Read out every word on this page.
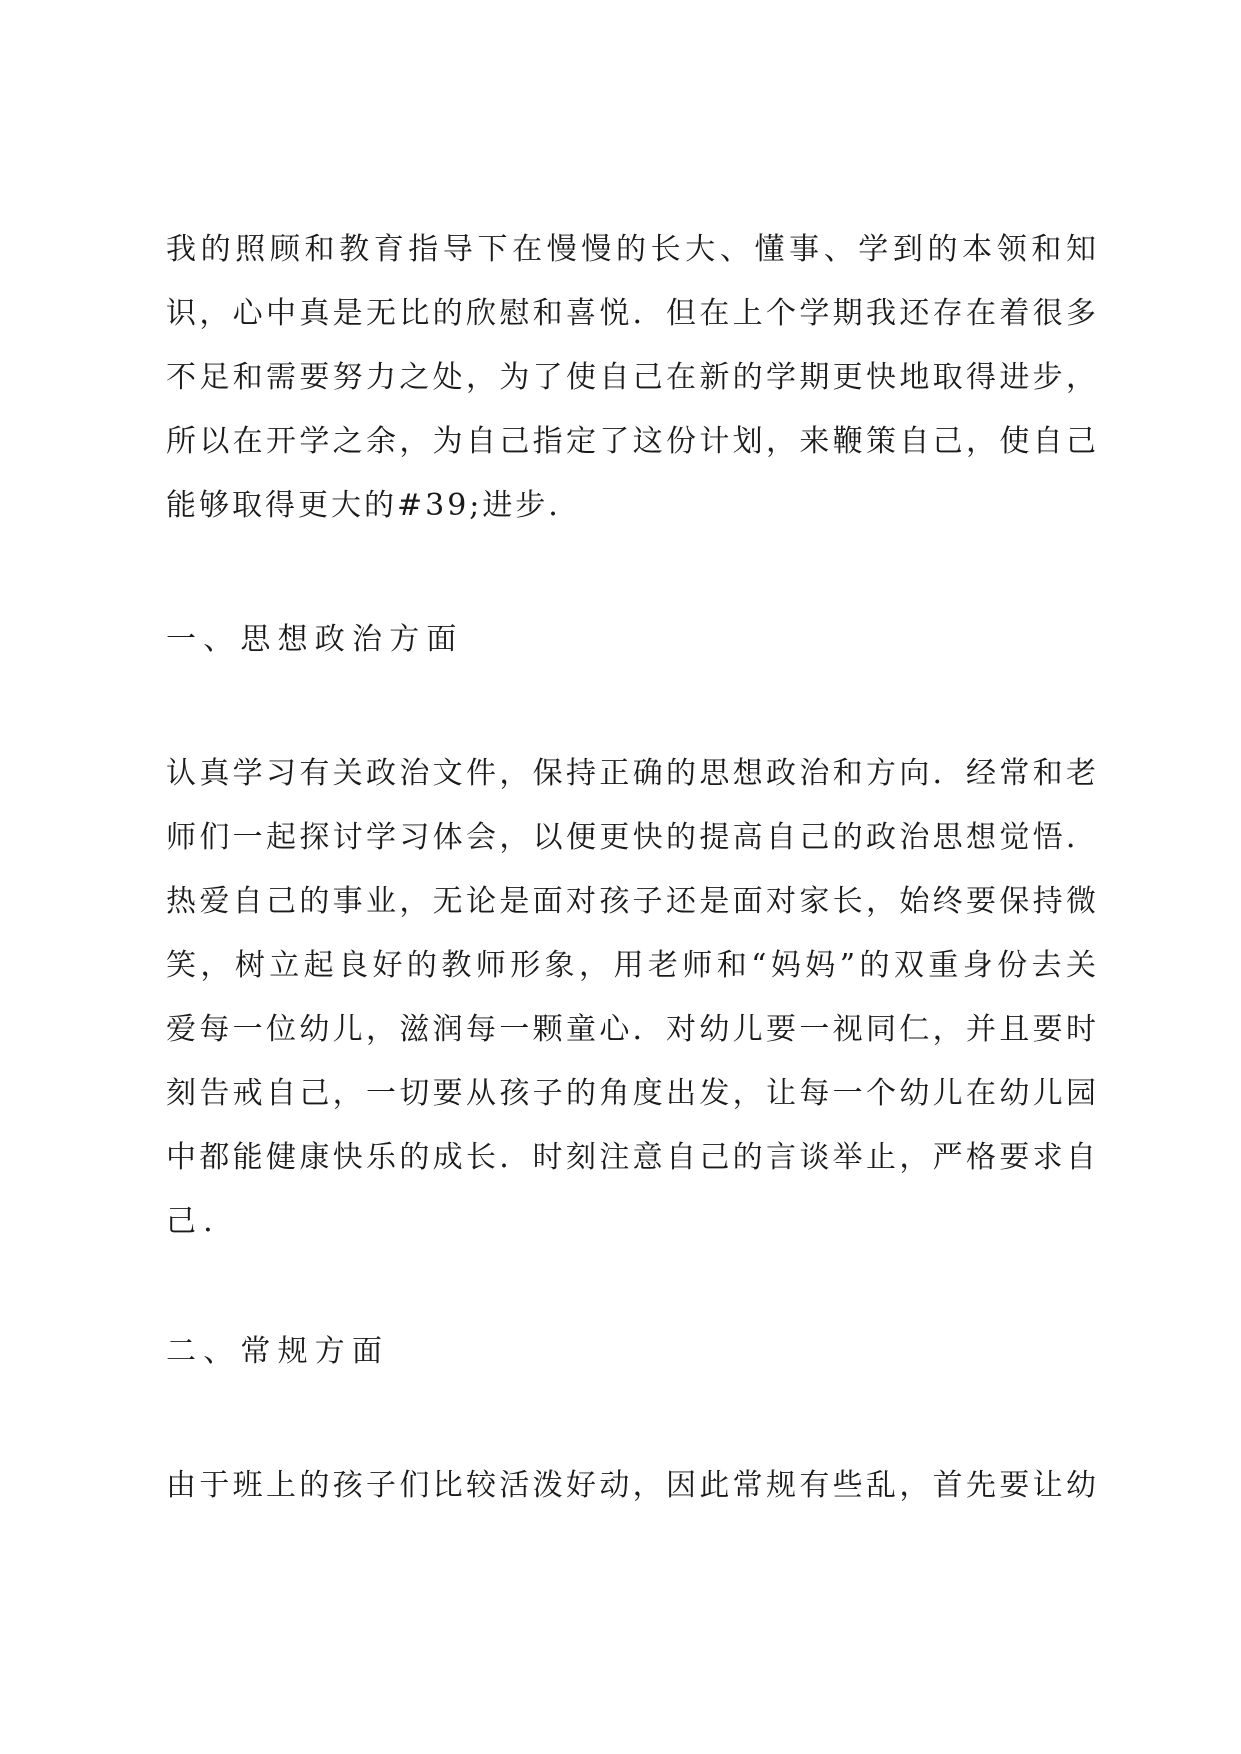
我的照顾和教育指导下在慢慢的长大、懂事、学到的本领和知

识，心中真是无比的欣慰和喜悦．但在上个学期我还存在着很多

不足和需要努力之处，为了使自己在新的学期更快地取得进步，

所以在开学之余，为自己指定了这份计划，来鞭策自己，使自己

能够取得更大的#39;进步．

一、思想政治方面

认真学习有关政治文件，保持正确的思想政治和方向．经常和老

师们一起探讨学习体会，以便更快的提高自己的政治思想觉悟．

热爱自己的事业，无论是面对孩子还是面对家长，始终要保持微

笑，树立起良好的教师形象，用老师和“妈妈”的双重身份去关

爱每一位幼儿，滋润每一颗童心．对幼儿要一视同仁，并且要时

刻告戒自己，一切要从孩子的角度出发，让每一个幼儿在幼儿园

中都能健康快乐的成长．时刻注意自己的言谈举止，严格要求自

己．

二、常规方面

由于班上的孩子们比较活泼好动，因此常规有些乱，首先要让幼
